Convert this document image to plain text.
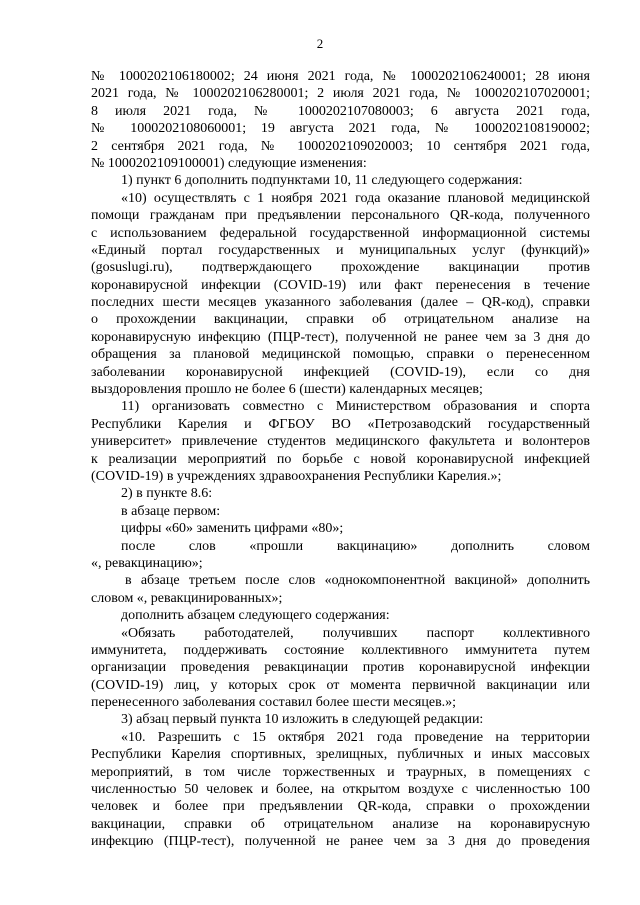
2
№ 1000202106180002; 24 июня 2021 года, № 1000202106240001; 28 июня
2021 года, № 1000202106280001; 2 июля 2021 года, № 1000202107020001;
8 июля 2021 года, № 1000202107080003; 6 августа 2021 года,
№ 1000202108060001; 19 августа 2021 года, № 1000202108190002;
2 сентября 2021 года, № 1000202109020003; 10 сентября 2021 года,
№ 1000202109100001) следующие изменения:
1) пункт 6 дополнить подпунктами 10, 11 следующего содержания:
«10) осуществлять с 1 ноября 2021 года оказание плановой медицинской
помощи гражданам при предъявлении персонального QR-кода, полученного
с использованием федеральной государственной информационной системы
«Единый портал государственных и муниципальных услуг (функций)»
(gosuslugi.ru), подтверждающего прохождение вакцинации против
коронавирусной инфекции (COVID-19) или факт перенесения в течение
последних шести месяцев указанного заболевания (далее – QR-код), справки
о прохождении вакцинации, справки об отрицательном анализе на
коронавирусную инфекцию (ПЦР-тест), полученной не ранее чем за 3 дня до
обращения за плановой медицинской помощью, справки о перенесенном
заболевании коронавирусной инфекцией (COVID-19), если со дня
выздоровления прошло не более 6 (шести) календарных месяцев;
11) организовать совместно с Министерством образования и спорта
Республики Карелия и ФГБОУ ВО «Петрозаводский государственный
университет» привлечение студентов медицинского факультета и волонтеров
к реализации мероприятий по борьбе с новой коронавирусной инфекцией
(COVID-19) в учреждениях здравоохранения Республики Карелия.»;
2) в пункте 8.6:
в абзаце первом:
цифры «60» заменить цифрами «80»;
после слов «прошли вакцинацию» дополнить словом
«, ревакцинацию»;
в абзаце третьем после слов «однокомпонентной вакциной» дополнить
словом «, ревакцинированных»;
дополнить абзацем следующего содержания:
«Обязать работодателей, получивших паспорт коллективного
иммунитета, поддерживать состояние коллективного иммунитета путем
организации проведения ревакцинации против коронавирусной инфекции
(COVID-19) лиц, у которых срок от момента первичной вакцинации или
перенесенного заболевания составил более шести месяцев.»;
3) абзац первый пункта 10 изложить в следующей редакции:
«10. Разрешить с 15 октября 2021 года проведение на территории
Республики Карелия спортивных, зрелищных, публичных и иных массовых
мероприятий, в том числе торжественных и траурных, в помещениях с
численностью 50 человек и более, на открытом воздухе с численностью 100
человек и более при предъявлении QR-кода, справки о прохождении
вакцинации, справки об отрицательном анализе на коронавирусную
инфекцию (ПЦР-тест), полученной не ранее чем за 3 дня до проведения
